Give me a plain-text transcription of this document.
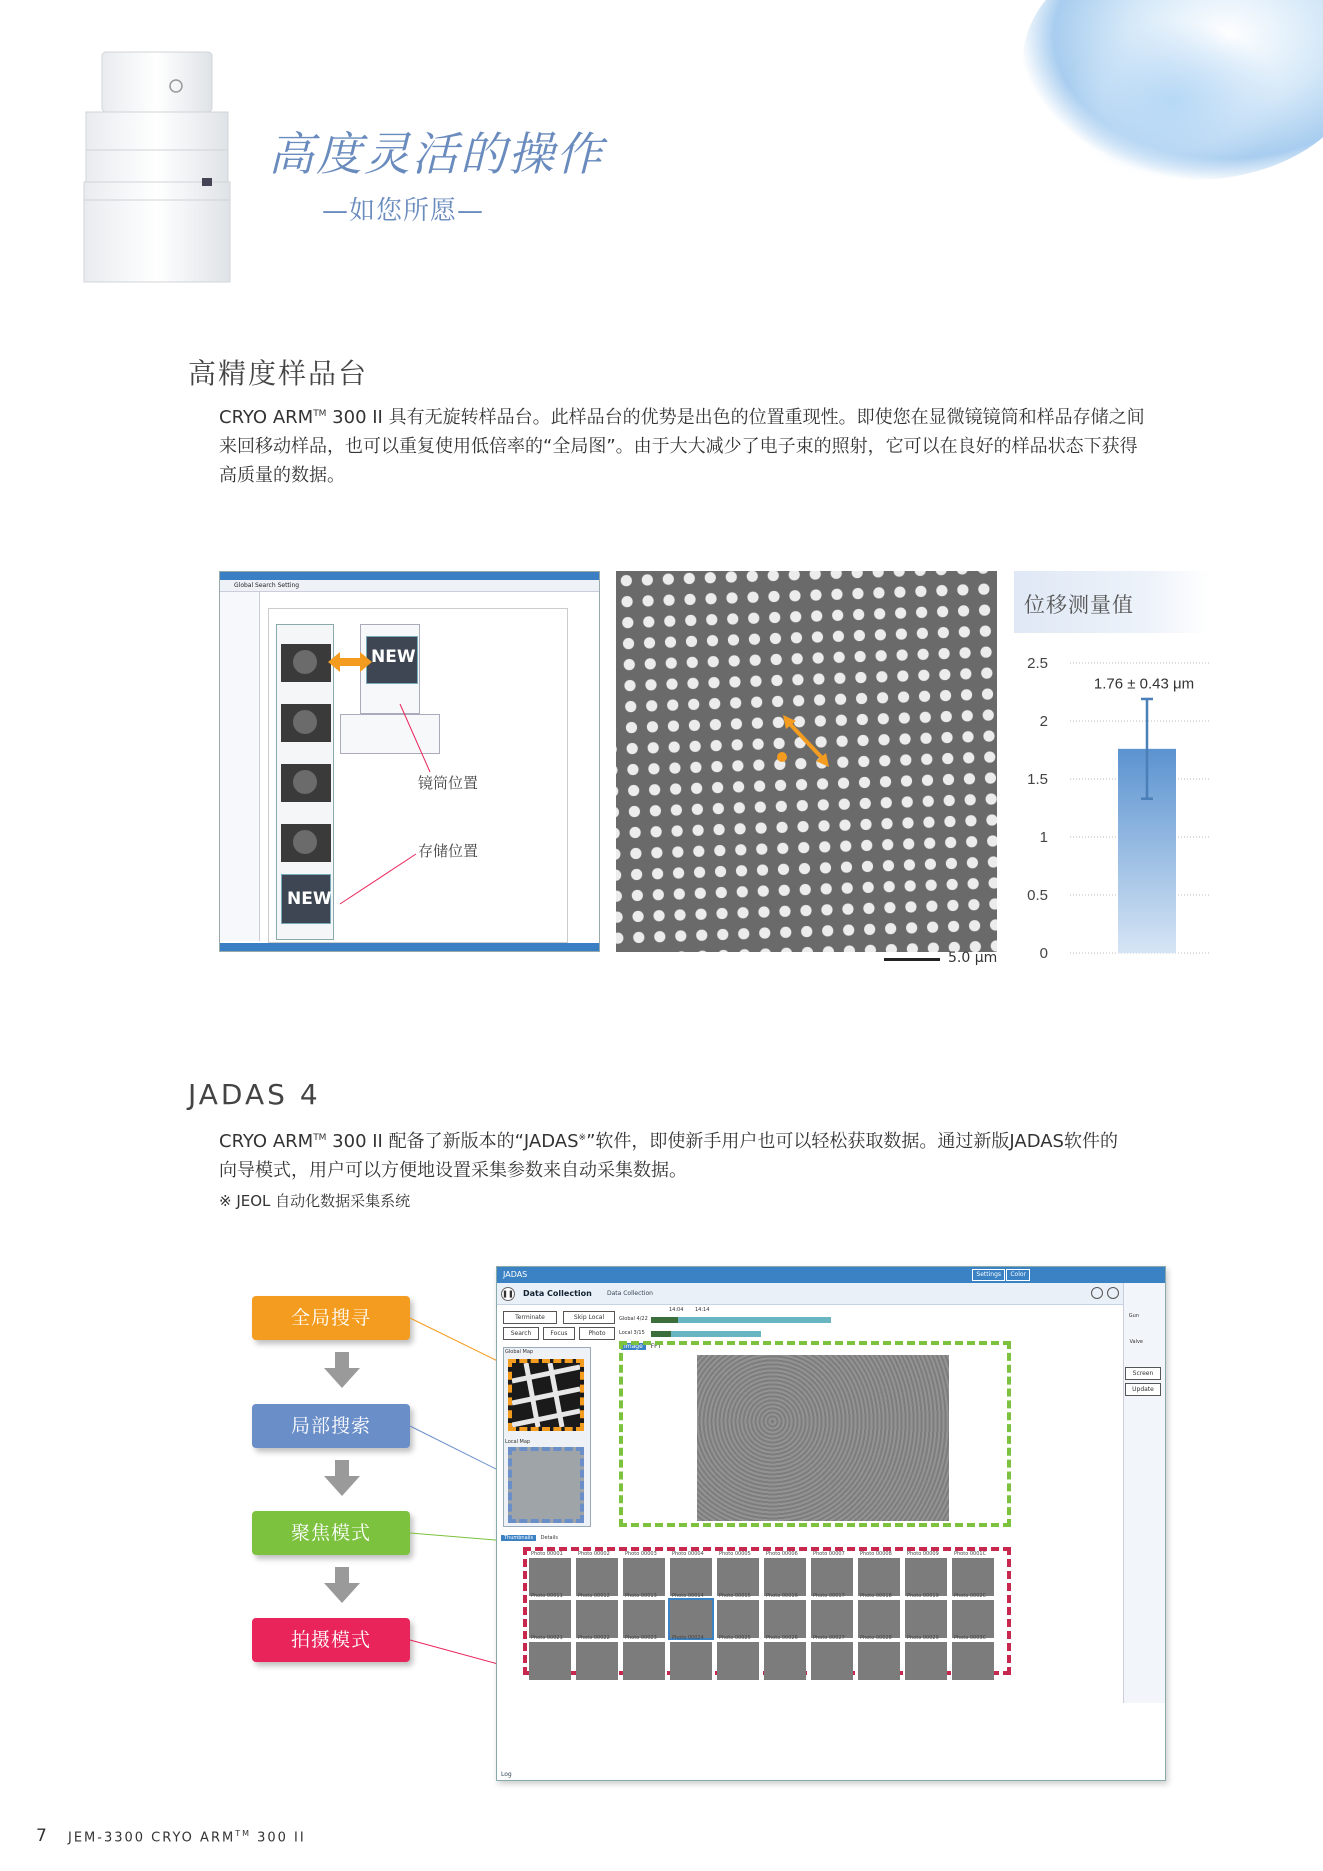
高度灵活的操作
—如您所愿—
高精度样品台
CRYO ARM™ 300 II 具有无旋转样品台。此样品台的优势是出色的位置重现性。即使您在显微镜镜筒和样品存储之间
来回移动样品，也可以重复使用低倍率的“全局图”。由于大大减少了电子束的照射，它可以在良好的样品状态下获得
高质量的数据。
Global Search Setting
NEW
NEW
镜筒位置
存储位置
5.0 μm
位移测量值
0
0.5
1
1.5
2
2.5
1.76 ± 0.43 μm
JADAS 4
CRYO ARM™ 300 II 配备了新版本的“JADAS※”软件，即使新手用户也可以轻松获取数据。通过新版JADAS软件的
向导模式，用户可以方便地设置采集参数来自动采集数据。
※ JEOL 自动化数据采集系统
全局搜寻
局部搜索
聚焦模式
拍摄模式
JADAS	Settings	Color
❚❚ Data Collection	Data Collection
Terminate	Skip Local
Search	Focus	Photo
Global 4/22
Local 3/15
14:04 14:14
Gun
Valve
Screen
Update
Global Map
Local Map
Image FFT
Thumbnails Details
Photo 00001	Photo 00002	Photo 00003	Photo 00004	Photo 00005	Photo 00006	Photo 00007	Photo 00008	Photo 00009	Photo 0001C
Photo 00011	Photo 00012	Photo 00013	Photo 00014	Photo 00015	Photo 00016	Photo 00017	Photo 00018	Photo 00019	Photo 0002C
Photo 00021	Photo 00022	Photo 00023	Photo 00024	Photo 00025	Photo 00026	Photo 00027	Photo 00028	Photo 00029	Photo 0003C
Log
7 JEM-3300 CRYO ARM™ 300 II
